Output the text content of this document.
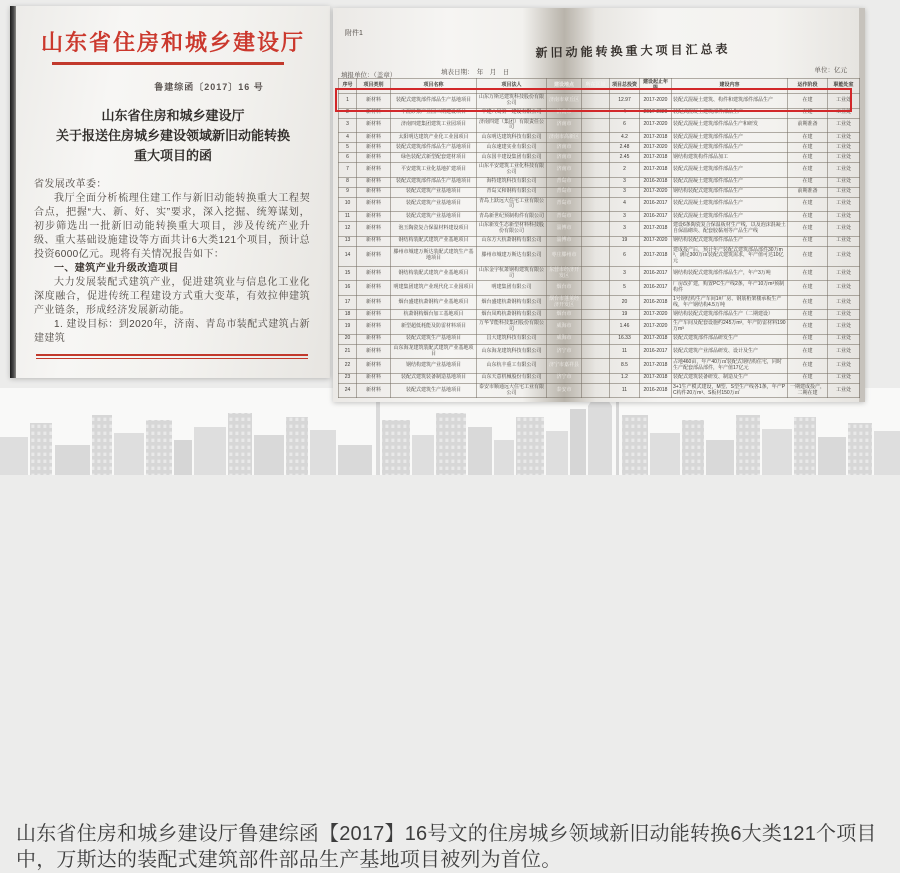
山东省住房和城乡建设厅鲁建综函【2017】16号文的住房城乡领域新旧动能转换6大类121个项目中，万斯达的装配式建筑部件部品生产基地项目被列为首位。
山东省住房和城乡建设厅
鲁建综函〔2017〕16 号
山东省住房和城乡建设厅
关于报送住房城乡建设领域新旧动能转换
重大项目的函

省发展改革委：

我厅全面分析梳理住建工作与新旧动能转换重大工程契合点，把握“大、新、好、实”要求，深入挖掘、统筹谋划，初步筛选出一批新旧动能转换重大项目，涉及传统产业升级、重大基础设施建设等方面共计6大类121个项目，预计总投资6000亿元。现将有关情况报告如下：

一、建筑产业升级改造项目

大力发展装配式建筑产业，促进建筑业与信息化工业化深度融合，促进传统工程建设方式重大变革，有效拉伸建筑产业链条，形成经济发展新动能。

1. 建设目标：到2020年，济南、青岛市装配式建筑占新建建筑

附件1
新旧动能转换重大项目汇总表
填报单位：（盖章）	填表日期：　年　月　日	单位：亿元
序号	项目类别	项目名称	项目法人	建设地点	所在区域	项目总投资	建设起止年限	建设内容	运作阶段	职能处室
1	新材料	装配式建筑部件部品生产基地项目	山东万斯达建筑科技股份有限公司	济南市章丘区		12.97	2017-2020	装配式混凝土建筑、构件和建筑部件部品生产	在建	工业处
2	新材料	干混砂浆产业园二期建设项目	中建八局第一建设有限公司	济南市		4	2017-2020	装配式混凝土建筑部件部品生产	在建	工业处
3	新材料	济南四建集团建筑工业园项目	济南四建（集团）有限责任公司	济南市		6	2017-2020	装配式混凝土建筑部件部品生产和研发	前期准备	工业处
4	新材料	太阳明达建筑产业化工业园项目	山东明达建筑科技有限公司	济南市高新区		4.2	2017-2018	装配式混凝土建筑部件部品生产	在建	工业处
5	新材料	装配式建筑部件部品生产基地项目	山东速建实业有限公司	济南市		2.48	2017-2020	装配式混凝土建筑部件部品生产	在建	工业处
6	新材料	绿色装配式新型配套建材项目	山东国丰建设集团有限公司	济南市		2.45	2017-2018	钢结构建筑构件部品加工	在建	工业处
7	新材料	平安建筑工业化基地扩建项目	山东平安建筑工业化科技有限公司	济南市		2	2017-2018	装配式混凝土建筑部件部品生产	在建	工业处
8	新材料	装配式建筑部件部品生产基地项目	海特建筑科技有限公司	青岛市		3	2016-2018	装配式混凝土建筑部件部品生产	在建	工业处
9	新材料	装配式建筑产业基地项目	青岛义和钢构有限公司	青岛市		3	2017-2020	钢结构装配式建筑部件部品生产	前期准备	工业处
10	新材料	装配式建筑产业基地项目	青岛上跃远大住宅工业有限公司	青岛市		4	2016-2017	装配式混凝土建筑部件部品生产	在建	工业处
11	新材料	装配式建筑产业基地项目	青岛新世纪预制构件有限公司	青岛市		3	2016-2017	装配式混凝土建筑部件部品生产	在建	工业处
12	新材料	泡玉陶瓷复合保温材料建设项目	山东新发生态新型材料科技股份有限公司	淄博市		3	2017-2018	建设6条陶瓷复合保温板材生产线，以及泡沫混凝土自保温砌块、配套胶黏剂等产品生产线	在建	工业处
13	新材料	钢结构装配式建筑产业基地项目	山东方大杭萧钢构有限公司	淄博市		19	2017-2020	钢结构装配式建筑部件部品生产	在建	工业处
14	新材料	滕州市城建万斯达装配式建筑生产基地项目	滕州市城建万斯达有限公司	枣庄滕州市		6	2017-2018	建成投产后，预计年产装配式建筑部品部件30万m³，满足300万㎡装配式建筑需求，年产值可达10亿元	在建	工业处
15	新材料	钢结构装配式建筑产业基地项目	山东金宇杭萧钢构建筑有限公司	东营市经济开发区		3	2016-2017	钢结构装配式建筑部件部品生产，年产3万吨	在建	工业处
16	新材料	明建集团建筑产业现代化工业园项目	明建集团有限公司	烟台市		5	2016-2017	厂房改扩建，购置PC生产线2条，年产10万m³预制构件	在建	工业处
17	新材料	烟台盛建杭萧钢构产业基地项目	烟台盛建杭萧钢构有限公司	烟台市蓬莱经济开发区		20	2016-2018	1号钢结构生产车间1#厂房、钢筋桁架楼承板生产线，年产钢结构4.5万吨	在建	工业处
18	新材料	杭萧钢构烟台加工基地项目	烟台凤鸣杭萧钢构有限公司	烟台市		19	2017-2020	钢结构装配式建筑部件部品生产（二期建设）	在建	工业处
19	新材料	新型超低耗能及防雷材料项目	万华节能科技集团股份有限公司	威海市		1.46	2017-2020	生产车间及配套设施约245万m³，年产防雷材料190万m³	在建	工业处
20	新材料	装配式建筑生产基地项目	昌大建筑科技有限公司	威海市		16.33	2017-2018	装配式建筑部件部品研发生产	在建	工业处
21	新材料	山东海龙建筑装配式建筑产业基地项目	山东海龙建筑科技有限公司	济宁市		11	2016-2017	装配式建筑产业部品研发、设计及生产	在建	工业处
22	新材料	钢结构建筑产业基地项目	山东杭丰重工有限公司	济宁市嘉祥县		8.5	2017-2018	占地460亩，年产40万㎡装配式钢结构住宅，同时生产配套部品部件，年产值17亿元	在建	工业处
23	新材料	装配式建筑装备制造基地项目	山东天意机械股份有限公司	济宁市		1.2	2017-2018	装配式建筑装备研发、制造及生产	在建	工业处
24	新材料	装配式建筑生产基地项目	泰安市顺通远大住宅工业有限公司	泰安市		11	2016-2018	3+1生产模式建设，M型、S型生产线各1条，年产PC构件20万m³、S板材150万㎡	一期建成投产，二期在建	工业处
